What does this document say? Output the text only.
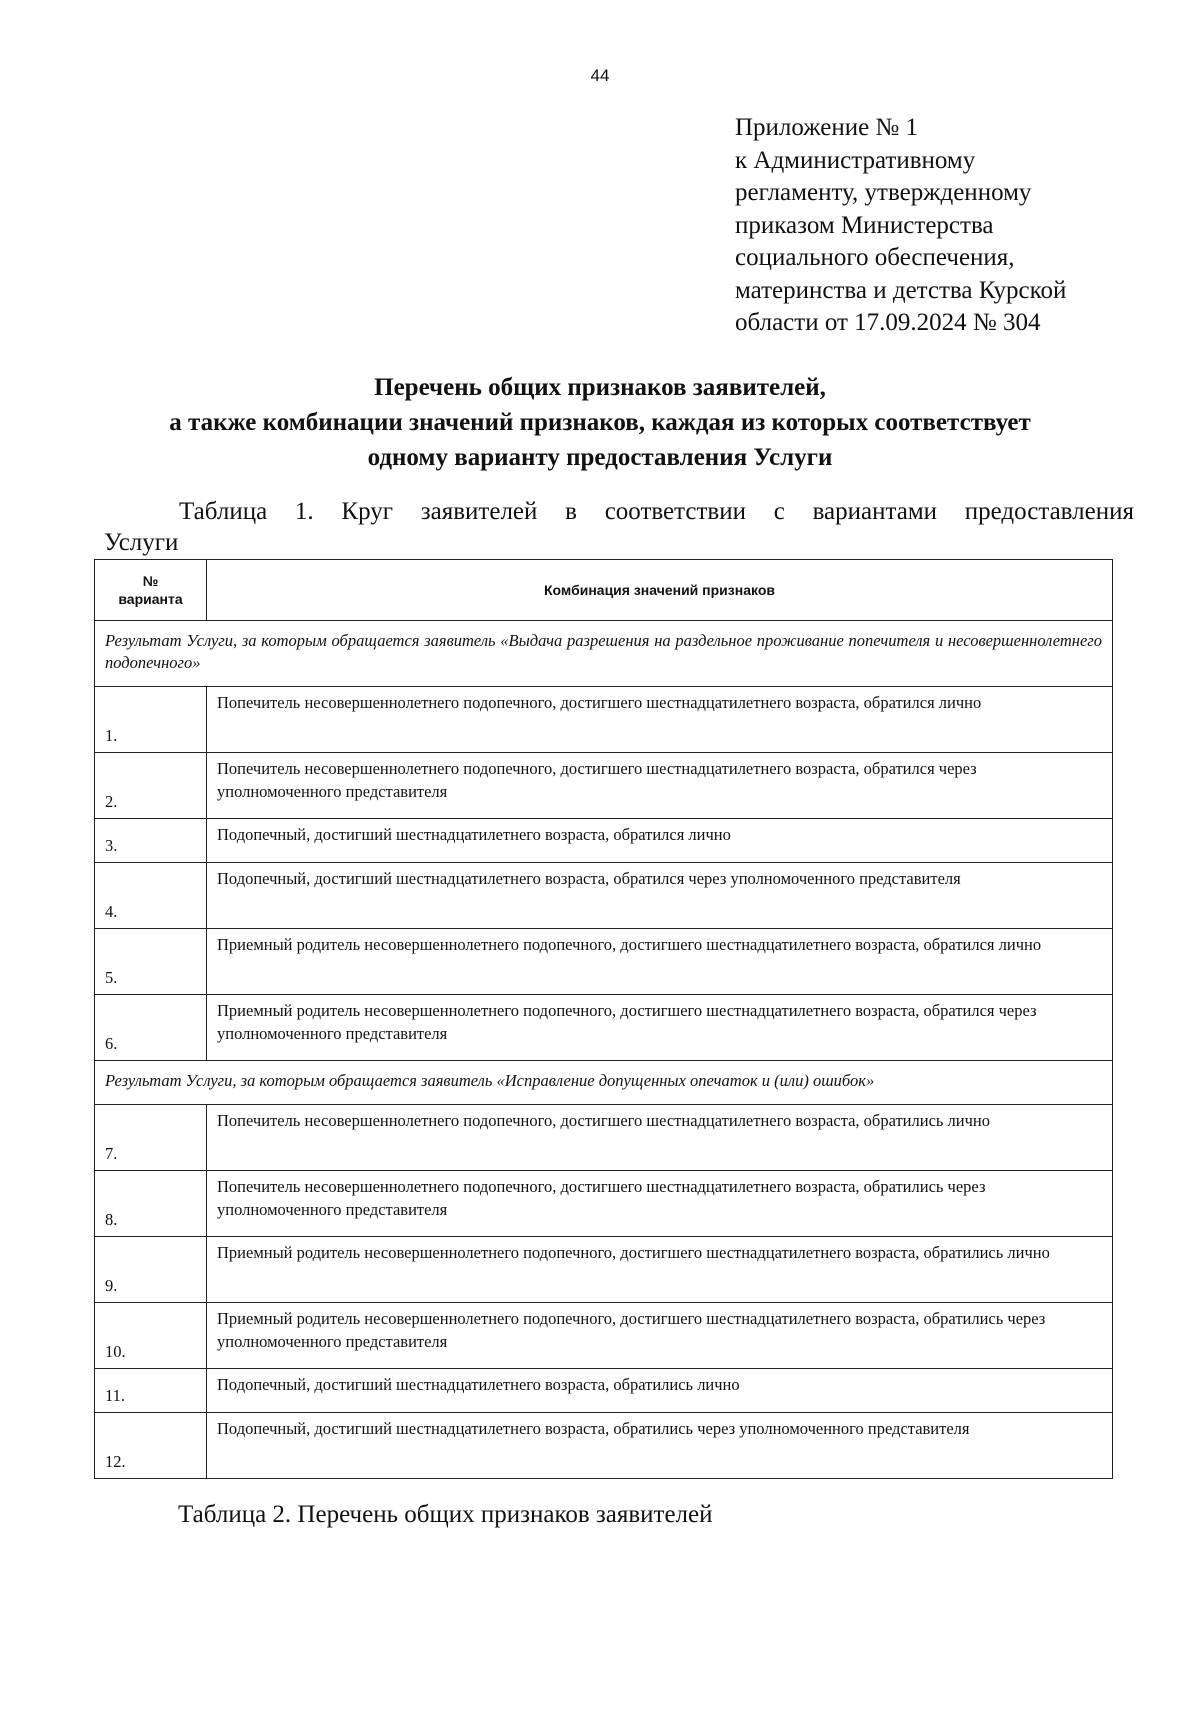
44
Приложение № 1
к Административному
регламенту, утвержденному
приказом Министерства
социального обеспечения,
материнства и детства Курской
области от 17.09.2024 № 304
Перечень общих признаков заявителей,
а также комбинации значений признаков, каждая из которых соответствует
одному варианту предоставления Услуги
Таблица 1. Круг заявителей в соответствии с вариантами предоставления
Услуги
№
варианта	Комбинация значений признаков
Результат Услуги, за которым обращается заявитель «Выдача разрешения на раздельное проживание попечителя и несовершеннолетнего подопечного»	
1.	Попечитель несовершеннолетнего подопечного, достигшего шестнадцатилетнего возраста, обратился лично
2.	Попечитель несовершеннолетнего подопечного, достигшего шестнадцатилетнего возраста, обратился через уполномоченного представителя
3.	Подопечный, достигший шестнадцатилетнего возраста, обратился лично
4.	Подопечный, достигший шестнадцатилетнего возраста, обратился через уполномоченного представителя
5.	Приемный родитель несовершеннолетнего подопечного, достигшего шестнадцатилетнего возраста, обратился лично
6.	Приемный родитель несовершеннолетнего подопечного, достигшего шестнадцатилетнего возраста, обратился через уполномоченного представителя
Результат Услуги, за которым обращается заявитель «Исправление допущенных опечаток и (или) ошибок»	
7.	Попечитель несовершеннолетнего подопечного, достигшего шестнадцатилетнего возраста, обратились лично
8.	Попечитель несовершеннолетнего подопечного, достигшего шестнадцатилетнего возраста, обратились через уполномоченного представителя
9.	Приемный родитель несовершеннолетнего подопечного, достигшего шестнадцатилетнего возраста, обратились лично
10.	Приемный родитель несовершеннолетнего подопечного, достигшего шестнадцатилетнего возраста, обратились через уполномоченного представителя
11.	Подопечный, достигший шестнадцатилетнего возраста, обратились лично
12.	Подопечный, достигший шестнадцатилетнего возраста, обратились через уполномоченного представителя
Таблица 2. Перечень общих признаков заявителей
